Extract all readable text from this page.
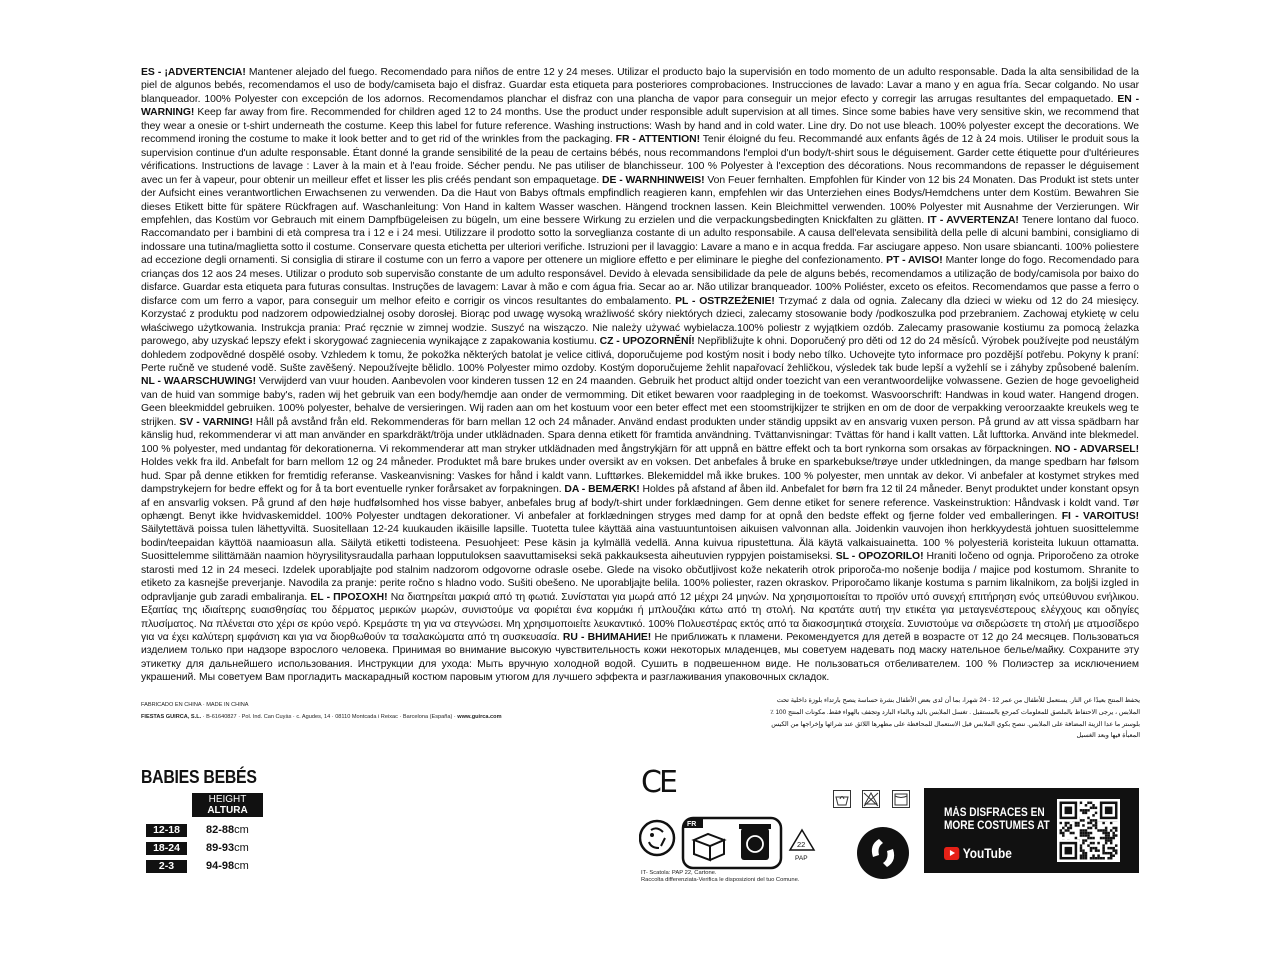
ES - ¡ADVERTENCIA! Mantener alejado del fuego. Recomendado para niños de entre 12 y 24 meses. Utilizar el producto bajo la supervisión en todo momento de un adulto responsable. Dada la alta sensibilidad de la piel de algunos bebés, recomendamos el uso de body/camiseta bajo el disfraz. Guardar esta etiqueta para posteriores comprobaciones. Instrucciones de lavado: Lavar a mano y en agua fría. Secar colgando. No usar blanqueador. 100% Polyester con excepción de los adornos. Recomendamos planchar el disfraz con una plancha de vapor para conseguir un mejor efecto y corregir las arrugas resultantes del empaquetado. EN - WARNING! Keep far away from fire. Recommended for children aged 12 to 24 months. Use the product under responsible adult supervision at all times. Since some babies have very sensitive skin, we recommend that they wear a onesie or t-shirt underneath the costume. Keep this label for future reference. Washing instructions: Wash by hand and in cold water. Line dry. Do not use bleach. 100% polyester except the decorations. We recommend ironing the costume to make it look better and to get rid of the wrinkles from the packaging. FR - ATTENTION! Tenir éloigné du feu. Recommandé aux enfants âgés de 12 à 24 mois. Utiliser le produit sous la supervision continue d'un adulte responsable. Étant donné la grande sensibilité de la peau de certains bébés, nous recommandons l'emploi d'un body/t-shirt sous le déguisement. Garder cette étiquette pour d'ultérieures vérifications. Instructions de lavage : Laver à la main et à l'eau froide. Sécher pendu. Ne pas utiliser de blanchisseur. 100 % Polyester à l'exception des décorations. Nous recommandons de repasser le déguisement avec un fer à vapeur, pour obtenir un meilleur effet et lisser les plis créés pendant son empaquetage. DE - WARNHINWEIS! Von Feuer fernhalten. Empfohlen für Kinder von 12 bis 24 Monaten. Das Produkt ist stets unter der Aufsicht eines verantwortlichen Erwachsenen zu verwenden. Da die Haut von Babys oftmals empfindlich reagieren kann, empfehlen wir das Unterziehen eines Bodys/Hemdchens unter dem Kostüm. Bewahren Sie dieses Etikett bitte für spätere Rückfragen auf. Waschanleitung: Von Hand in kaltem Wasser waschen. Hängend trocknen lassen. Kein Bleichmittel verwenden. 100% Polyester mit Ausnahme der Verzierungen. Wir empfehlen, das Kostüm vor Gebrauch mit einem Dampfbügeleisen zu bügeln, um eine bessere Wirkung zu erzielen und die verpackungsbedingten Knickfalten zu glätten. IT - AVVERTENZA! Tenere lontano dal fuoco. Raccomandato per i bambini di età compresa tra i 12 e i 24 mesi. Utilizzare il prodotto sotto la sorveglianza costante di un adulto responsabile. A causa dell'elevata sensibilità della pelle di alcuni bambini, consigliamo di indossare una tutina/maglietta sotto il costume. Conservare questa etichetta per ulteriori verifiche. Istruzioni per il lavaggio: Lavare a mano e in acqua fredda. Far asciugare appeso. Non usare sbiancanti. 100% poliestere ad eccezione degli ornamenti. Si consiglia di stirare il costume con un ferro a vapore per ottenere un migliore effetto e per eliminare le pieghe del confezionamento. PT - AVISO! Manter longe do fogo. Recomendado para crianças dos 12 aos 24 meses. Utilizar o produto sob supervisão constante de um adulto responsável. Devido à elevada sensibilidade da pele de alguns bebés, recomendamos a utilização de body/camisola por baixo do disfarce. Guardar esta etiqueta para futuras consultas. Instruções de lavagem: Lavar à mão e com água fria. Secar ao ar. Não utilizar branqueador. 100% Poliéster, exceto os efeitos. Recomendamos que passe a ferro o disfarce com um ferro a vapor, para conseguir um melhor efeito e corrigir os vincos resultantes do embalamento. PL - OSTRZEŻENIE! Trzymać z dala od ognia. Zalecany dla dzieci w wieku od 12 do 24 miesięcy. Korzystać z produktu pod nadzorem odpowiedzialnej osoby dorosłej. Biorąc pod uwagę wysoką wrażliwość skóry niektórych dzieci, zalecamy stosowanie body /podkoszulka pod przebraniem. Zachowaj etykietę w celu właściwego użytkowania. Instrukcja prania: Prać ręcznie w zimnej wodzie. Suszyć na wiszączo. Nie należy używać wybielacza.100% poliestr z wyjątkiem ozdób. Zalecamy prasowanie kostiumu za pomocą żelazka parowego, aby uzyskać lepszy efekt i skorygować zagniecenia wynikające z zapakowania kostiumu. CZ - UPOZORNĚNÍ! Nepřibližujte k ohni. Doporučený pro děti od 12 do 24 měsíců. Výrobek používejte pod neustálým dohledem zodpovědné dospělé osoby. Vzhledem k tomu, že pokožka některých batolat je velice citlivá, doporučujeme pod kostým nosit i body nebo tílko. Uchovejte tyto informace pro pozdější potřebu. Pokyny k praní: Perte ručně ve studené vodě. Sušte zavěšený. Nepoužívejte bělidlo. 100% Polyester mimo ozdoby. Kostým doporučujeme žehlit napařovací žehličkou, výsledek tak bude lepší a vyžehlí se i záhyby způsobené balením. NL - WAARSCHUWING! Verwijderd van vuur houden. Aanbevolen voor kinderen tussen 12 en 24 maanden. Gebruik het product altijd onder toezicht van een verantwoordelijke volwassene. Gezien de hoge gevoeligheid van de huid van sommige baby's, raden wij het gebruik van een body/hemdje aan onder de vermomming. Dit etiket bewaren voor raadpleging in de toekomst. Wasvoorschrift: Handwas in koud water. Hangend drogen. Geen bleekmiddel gebruiken. 100% polyester, behalve de versieringen. Wij raden aan om het kostuum voor een beter effect met een stoomstrijkijzer te strijken en om de door de verpakking veroorzaakte kreukels weg te strijken. SV - VARNING! Håll på avstånd från eld. Rekommenderas för barn mellan 12 och 24 månader. Använd endast produkten under ständig uppsikt av en ansvarig vuxen person. På grund av att vissa spädbarn har känslig hud, rekommenderar vi att man använder en sparkdräkt/tröja under utklädnaden. Spara denna etikett för framtida användning. Tvättanvisningar: Tvättas för hand i kallt vatten. Låt lufttorka. Använd inte blekmedel. 100 % polyester, med undantag för dekorationerna. Vi rekommenderar att man stryker utklädnaden med ångstrykjärn för att uppnå en bättre effekt och ta bort rynkorna som orsakas av förpackningen. NO - ADVARSEL! Holdes vekk fra ild. Anbefalt for barn mellom 12 og 24 måneder. Produktet må bare brukes under oversikt av en voksen. Det anbefales å bruke en sparkebukse/trøye under utkledningen, da mange spedbarn har følsom hud. Spar på denne etikken for fremtidig referanse. Vaskeanvisning: Vaskes for hånd i kaldt vann. Lufttørkes. Blekemiddel må ikke brukes. 100 % polyester, men unntak av dekor. Vi anbefaler at kostymet strykes med dampstrykejern for bedre effekt og for å ta bort eventuelle rynker forårsaket av forpakningen. DA - BEMÆRK! Holdes på afstand af åben ild. Anbefalet for børn fra 12 til 24 måneder. Benyt produktet under konstant opsyn af en ansvarlig voksen. På grund af den høje hudfølsomhed hos visse babyer, anbefales brug af body/t-shirt under forklædningen. Gem denne etiket for senere reference. Vaskeinstruktion: Håndvask i koldt vand. Tør ophængt. Benyt ikke hvidvaskemiddel. 100% Polyester undtagen dekorationer. Vi anbefaler at forklædningen stryges med damp for at opnå den bedste effekt og fjerne folder ved emballeringen. FI - VAROITUS! Säilytettävä poissa tulen lähettyviltä. Suositellaan 12-24 kuukauden ikäisille lapsille. Tuotetta tulee käyttää aina vastuuntuntoisen aikuisen valvonnan alla. Joidenkin vauvojen ihon herkkyydestä johtuen suosittelemme bodin/teepaidan käyttöä naamioasun alla. Säilytä etiketti todisteena. Pesuohjeet: Pese käsin ja kylmällä vedellä. Anna kuivua ripustettuna. Älä käytä valkaisuainetta. 100 % polyesteriä koristeita lukuun ottamatta. Suosittelemme silittämään naamion höyrysilitysraudalla parhaan lopputuloksen saavuttamiseksi sekä pakkauksesta aiheutuvien ryppyjen poistamiseksi. SL - OPOZORILO! Hraniti ločeno od ognja. Priporočeno za otroke starosti med 12 in 24 meseci. Izdelek uporabljajte pod stalnim nadzorom odgovorne odrasle osebe. Glede na visoko občutljivost kože nekaterih otrok priporoča-mo nošenje bodija / majice pod kostumom. Shranite to etiketo za kasnejše preverjanje. Navodila za pranje: perite ročno s hladno vodo. Sušiti obešeno. Ne uporabljajte belila. 100% poliester, razen okraskov. Priporočamo likanje kostuma s parnim likalnikom, za boljši izgled in odpravljanje gub zaradi embaliranja. EL - ΠΡΟΣΟΧΗ! Να διατηρείται μακριά από τη φωτιά. Συνίσταται για μωρά από 12 μέχρι 24 μηνών. Να χρησιμοποιείται το προϊόν υπό συνεχή επιτήρηση ενός υπεύθυνου ενήλικου. Εξαιτίας της ιδιαίτερης ευαισθησίας του δέρματος μερικών μωρών, συνιστούμε να φοριέται ένα κορμάκι ή μπλουζάκι κάτω από τη στολή. Να κρατάτε αυτή την ετικέτα για μεταγενέστερους ελέγχους και οδηγίες πλυσίματος. Να πλένεται στο χέρι σε κρύο νερό. Κρεμάστε τη για να στεγνώσει. Μη χρησιμοποιείτε λευκαντικό. 100% Πολυεστέρας εκτός από τα διακοσμητικά στοιχεία. Συνιστούμε να σιδερώσετε τη στολή με ατμοσίδερο για να έχει καλύτερη εμφάνιση και για να διορθωθούν τα τσαλακώματα από τη συσκευασία. RU - ВНИМАНИЕ! Не приближать к пламени. Рекомендуется для детей в возрасте от 12 до 24 месяцев. Пользоваться изделием только при надзоре взрослого человека. Принимая во внимание высокую чувствительность кожи некоторых младенцев, мы советуем надевать под маску нательное белье/майку. Сохраните эту этикетку для дальнейшего использования. Инструкции для ухода: Мыть вручную холодной водой. Сушить в подвешенном виде. Не пользоваться отбеливателем. 100 % Полиэстер за исключением украшений. Мы советуем Вам прогладить маскарадный костюм паровым утюгом для лучшего эффекта и разглаживания упаковочных складок.
FABRICADO EN CHINA · MADE IN CHINA
FIESTAS GUIRCA, S.L. · B-61640827 · Pol. Ind. Can Cuyàs · c. Agudes, 14 · 08110 Montcada i Reixac · Barcelona (España) · www.guirca.com
يحفظ المنتج بعيدًا عن النار. يستعمل للأطفال من عمر 12 - 24 شهرا، بما أن لدى بعض الأطفال بشرة حساسة ينصح بارتداء بلوزة داخلية تحت الملابس ، يرجى الاحتفاظ بالملصق للمعلومات كمرجع بالمستقبل . تغسل الملابس باليد وبالماء البارد وتجفف بالهواء فقط. مكونات المنتج 100 ٪ بلوستر ما عدا الزينة المضافة على الملابس. ننصح بكوي الملابس قبل الاستعمال للمحافظة على مظهرها اللائق عند شرائها وإخراجها من الكيس المعبأة فيها وبعد الغسيل
BABIES BEBÉS
HEIGHT
ALTURA
12-18	82-88cm
18-24	89-93cm
2-3	94-98cm
CE
FR
22
PAP
IT- Scatola: PAP 22, Cartone.
Raccolta differenziata-Verifica le disposizioni del tuo Comune.
MÁS DISFRACES EN
MORE COSTUMES AT
YouTube
